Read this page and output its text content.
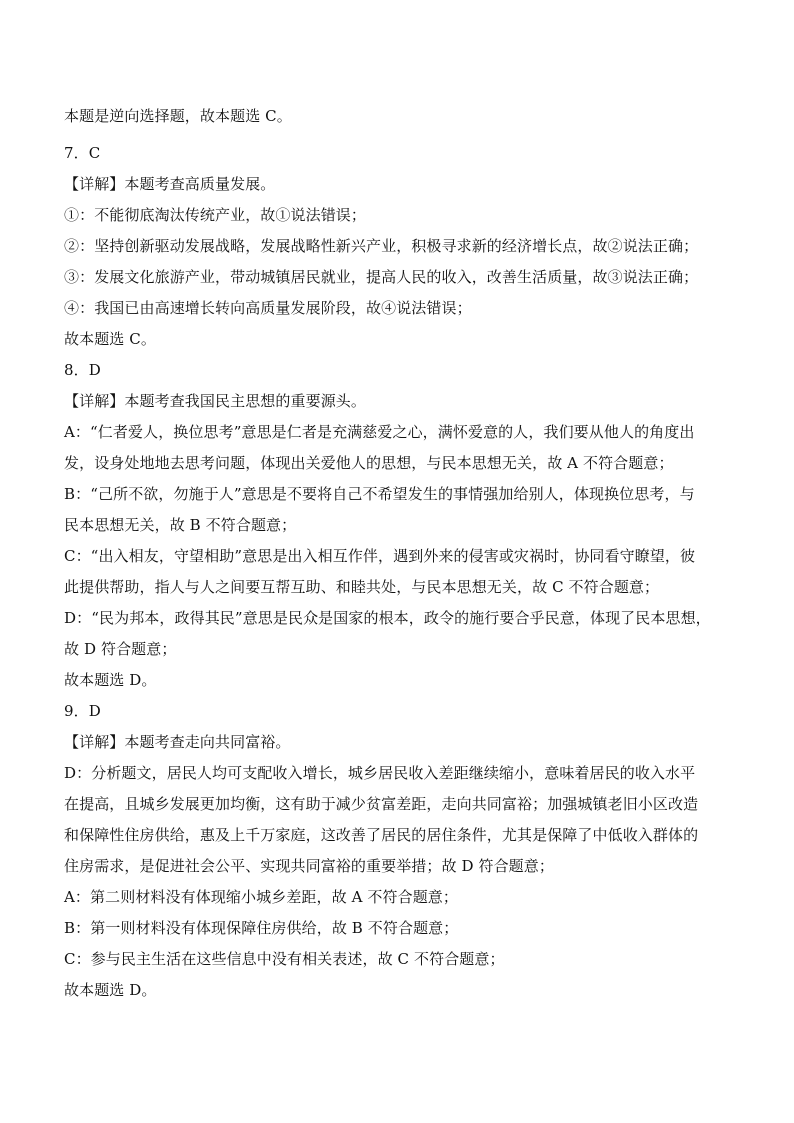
本题是逆向选择题，故本题选 C。
7．C
【详解】本题考查高质量发展。
①：不能彻底淘汰传统产业，故①说法错误；
②：坚持创新驱动发展战略，发展战略性新兴产业，积极寻求新的经济增长点，故②说法正确；
③：发展文化旅游产业，带动城镇居民就业，提高人民的收入，改善生活质量，故③说法正确；
④：我国已由高速增长转向高质量发展阶段，故④说法错误；
故本题选 C。
8．D
【详解】本题考查我国民主思想的重要源头。
A：“仁者爱人，换位思考”意思是仁者是充满慈爱之心，满怀爱意的人，我们要从他人的角度出
发，设身处地地去思考问题，体现出关爱他人的思想，与民本思想无关，故 A 不符合题意；
B：“己所不欲，勿施于人”意思是不要将自己不希望发生的事情强加给别人，体现换位思考，与
民本思想无关，故 B 不符合题意；
C：“出入相友，守望相助”意思是出入相互作伴，遇到外来的侵害或灾祸时，协同看守瞭望，彼
此提供帮助，指人与人之间要互帮互助、和睦共处，与民本思想无关，故 C 不符合题意；
D：“民为邦本，政得其民”意思是民众是国家的根本，政令的施行要合乎民意，体现了民本思想，
故 D 符合题意；
故本题选 D。
9．D
【详解】本题考查走向共同富裕。
D：分析题文，居民人均可支配收入增长，城乡居民收入差距继续缩小，意味着居民的收入水平
在提高，且城乡发展更加均衡，这有助于减少贫富差距，走向共同富裕；加强城镇老旧小区改造
和保障性住房供给，惠及上千万家庭，这改善了居民的居住条件，尤其是保障了中低收入群体的
住房需求，是促进社会公平、实现共同富裕的重要举措；故 D 符合题意；
A：第二则材料没有体现缩小城乡差距，故 A 不符合题意；
B：第一则材料没有体现保障住房供给，故 B 不符合题意；
C：参与民主生活在这些信息中没有相关表述，故 C 不符合题意；
故本题选 D。
